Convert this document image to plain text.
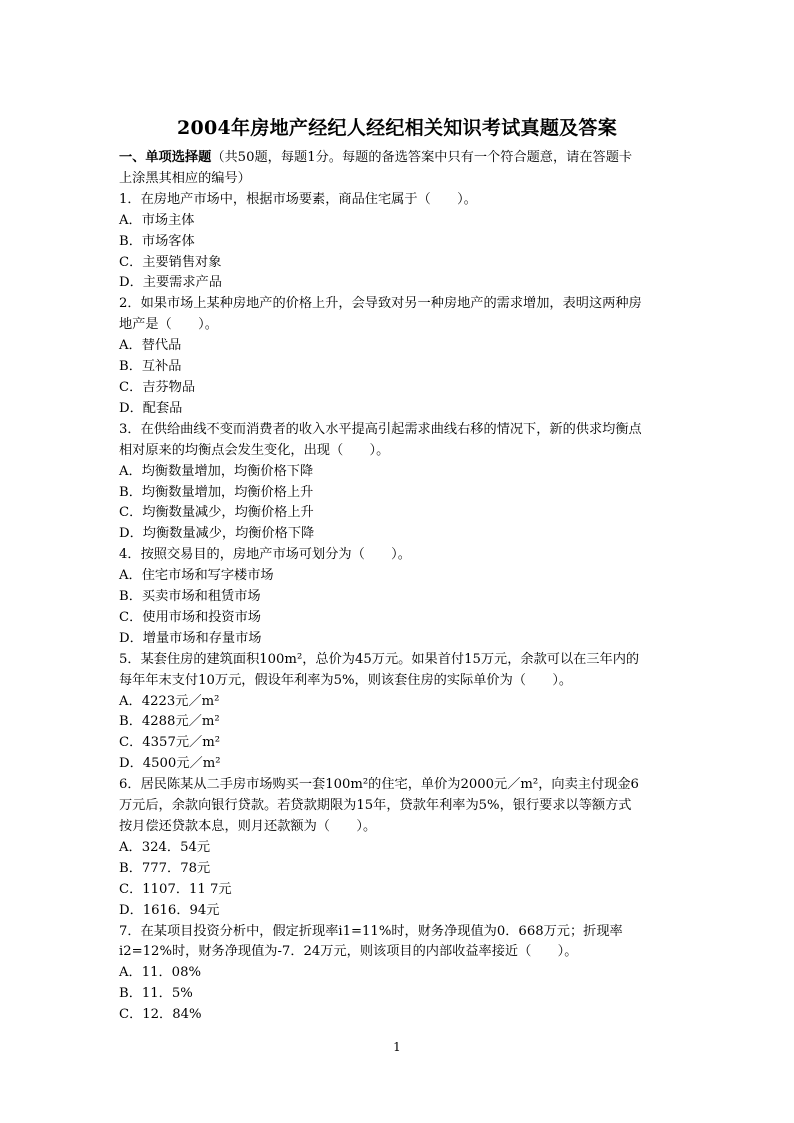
2004年房地产经纪人经纪相关知识考试真题及答案
一、单项选择题（共50题，每题1分。每题的备选答案中只有一个符合题意，请在答题卡
上涂黑其相应的编号）
1．在房地产市场中，根据市场要素，商品住宅属于（　　）。
A．市场主体
B．市场客体
C．主要销售对象
D．主要需求产品
2．如果市场上某种房地产的价格上升，会导致对另一种房地产的需求增加，表明这两种房
地产是（　　）。
A．替代品
B．互补品
C．吉芬物品
D．配套品
3．在供给曲线不变而消费者的收入水平提高引起需求曲线右移的情况下，新的供求均衡点
相对原来的均衡点会发生变化，出现（　　）。
A．均衡数量增加，均衡价格下降
B．均衡数量增加，均衡价格上升
C．均衡数量减少，均衡价格上升
D．均衡数量减少，均衡价格下降
4．按照交易目的，房地产市场可划分为（　　）。
A．住宅市场和写字楼市场
B．买卖市场和租赁市场
C．使用市场和投资市场
D．增量市场和存量市场
5．某套住房的建筑面积100m²，总价为45万元。如果首付15万元，余款可以在三年内的
每年年末支付10万元，假设年利率为5%，则该套住房的实际单价为（　　）。
A．4223元／m²
B．4288元／m²
C．4357元／m²
D．4500元／m²
6．居民陈某从二手房市场购买一套100m²的住宅，单价为2000元／m²，向卖主付现金6
万元后，余款向银行贷款。若贷款期限为15年，贷款年利率为5%，银行要求以等额方式
按月偿还贷款本息，则月还款额为（　　）。
A．324．54元
B．777．78元
C．1107．11 7元
D．1616．94元
7．在某项目投资分析中，假定折现率i1=11%时，财务净现值为0．668万元；折现率
i2=12%时，财务净现值为-7．24万元，则该项目的内部收益率接近（　　）。
A．11．08%
B．11．5%
C．12．84%
1
